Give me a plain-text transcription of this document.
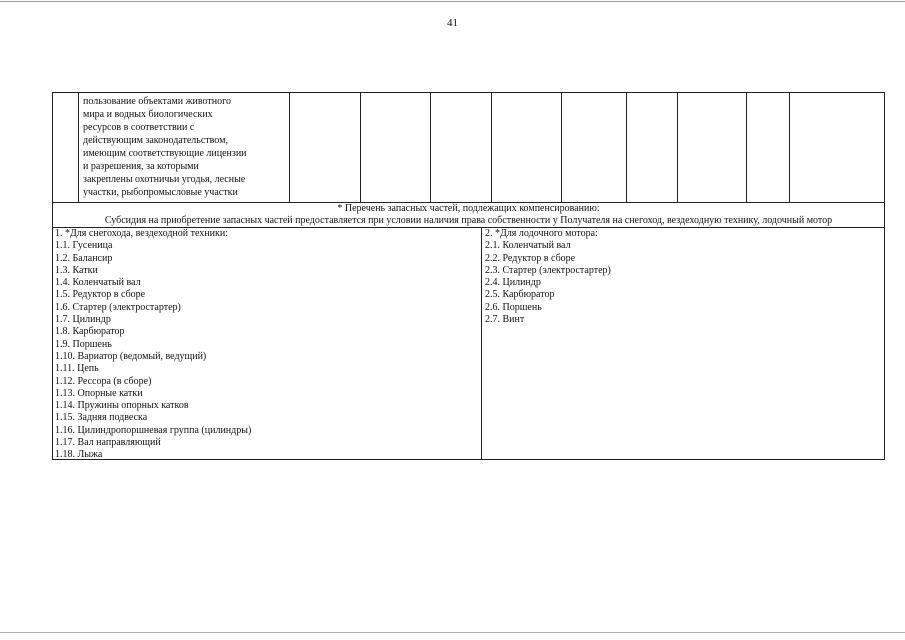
41
пользование объектами животного
мира и водных биологических
ресурсов в соответствии с
действующим законодательством,
имеющим соответствующие лицензии
и разрешения, за которыми
закреплены охотничьи угодья, лесные
участки, рыбопромысловые участки
* Перечень запасных частей, подлежащих компенсированию:
Субсидия на приобретение запасных частей предоставляется при условии наличия права собственности у Получателя на снегоход, вездеходную технику, лодочный мотор
1. *Для снегохода, вездеходной техники:
1.1. Гусеница
1.2. Балансир
1.3. Катки
1.4. Коленчатый вал
1.5. Редуктор в сборе
1.6. Стартер (электростартер)
1.7. Цилиндр
1.8. Карбюратор
1.9. Поршень
1.10. Вариатор (ведомый, ведущий)
1.11. Цепь
1.12. Рессора (в сборе)
1.13. Опорные катки
1.14. Пружины опорных катков
1.15. Задняя подвеска
1.16. Цилиндропоршневая группа (цилиндры)
1.17. Вал направляющий
1.18. Лыжа
2. *Для лодочного мотора:
2.1. Коленчатый вал
2.2. Редуктор в сборе
2.3. Стартер (электростартер)
2.4. Цилиндр
2.5. Карбюратор
2.6. Поршень
2.7. Винт
